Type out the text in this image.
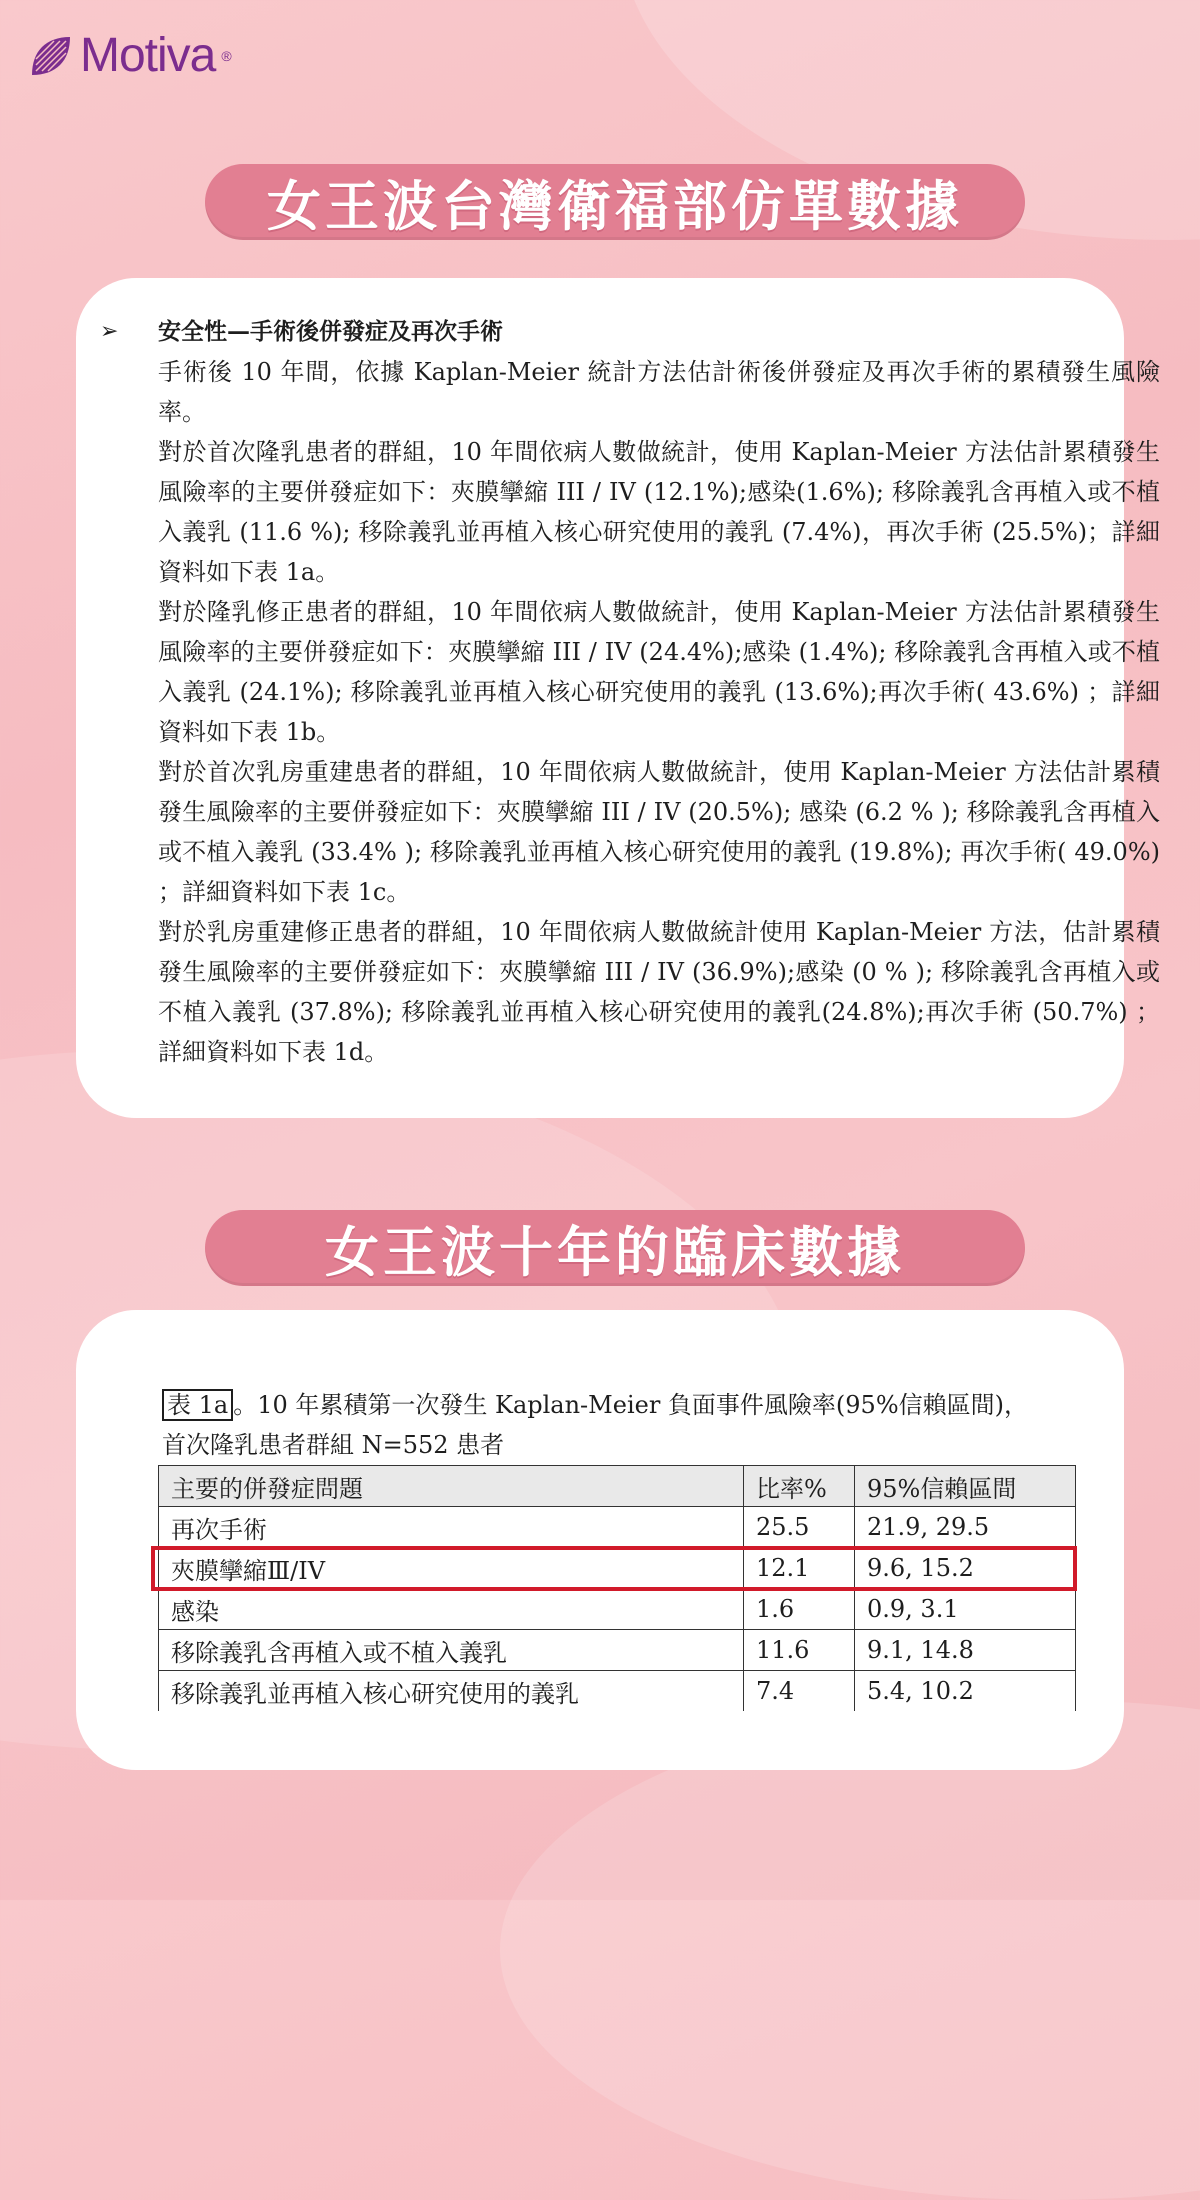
Motiva ®
女王波台灣衛福部仿單數據
➢	安全性—手術後併發症及再次手術
手術後 10 年間，依據 Kaplan-Meier 統計方法估計術後併發症及再次手術的累積發生風險率。
對於首次隆乳患者的群組，10 年間依病人數做統計，使用 Kaplan-Meier 方法估計累積發生風險率的主要併發症如下：夾膜攣縮 III / IV (12.1%);感染(1.6%); 移除義乳含再植入或不植入義乳 (11.6 %); 移除義乳並再植入核心研究使用的義乳 (7.4%)，再次手術 (25.5%)；詳細資料如下表 1a。
對於隆乳修正患者的群組，10 年間依病人數做統計，使用 Kaplan-Meier 方法估計累積發生風險率的主要併發症如下：夾膜攣縮 III / IV (24.4%);感染 (1.4%); 移除義乳含再植入或不植入義乳 (24.1%); 移除義乳並再植入核心研究使用的義乳 (13.6%);再次手術( 43.6%) ；詳細資料如下表 1b。
對於首次乳房重建患者的群組，10 年間依病人數做統計，使用 Kaplan-Meier 方法估計累積發生風險率的主要併發症如下：夾膜攣縮 III / IV (20.5%); 感染 (6.2 % ); 移除義乳含再植入或不植入義乳 (33.4% ); 移除義乳並再植入核心研究使用的義乳 (19.8%); 再次手術( 49.0%) ；詳細資料如下表 1c。
對於乳房重建修正患者的群組，10 年間依病人數做統計使用 Kaplan-Meier 方法，估計累積發生風險率的主要併發症如下：夾膜攣縮 III / IV (36.9%);感染 (0 % ); 移除義乳含再植入或不植入義乳 (37.8%); 移除義乳並再植入核心研究使用的義乳(24.8%);再次手術 (50.7%) ；詳細資料如下表 1d。
女王波十年的臨床數據
表 1a 。10 年累積第一次發生 Kaplan-Meier 負面事件風險率(95%信賴區間)，
首次隆乳患者群組 N=552 患者
主要的併發症問題	比率%	95%信賴區間
再次手術	25.5	21.9, 29.5
夾膜攣縮Ⅲ/IV	12.1	9.6, 15.2
感染	1.6	0.9, 3.1
移除義乳含再植入或不植入義乳	11.6	9.1, 14.8
移除義乳並再植入核心研究使用的義乳	7.4	5.4, 10.2
